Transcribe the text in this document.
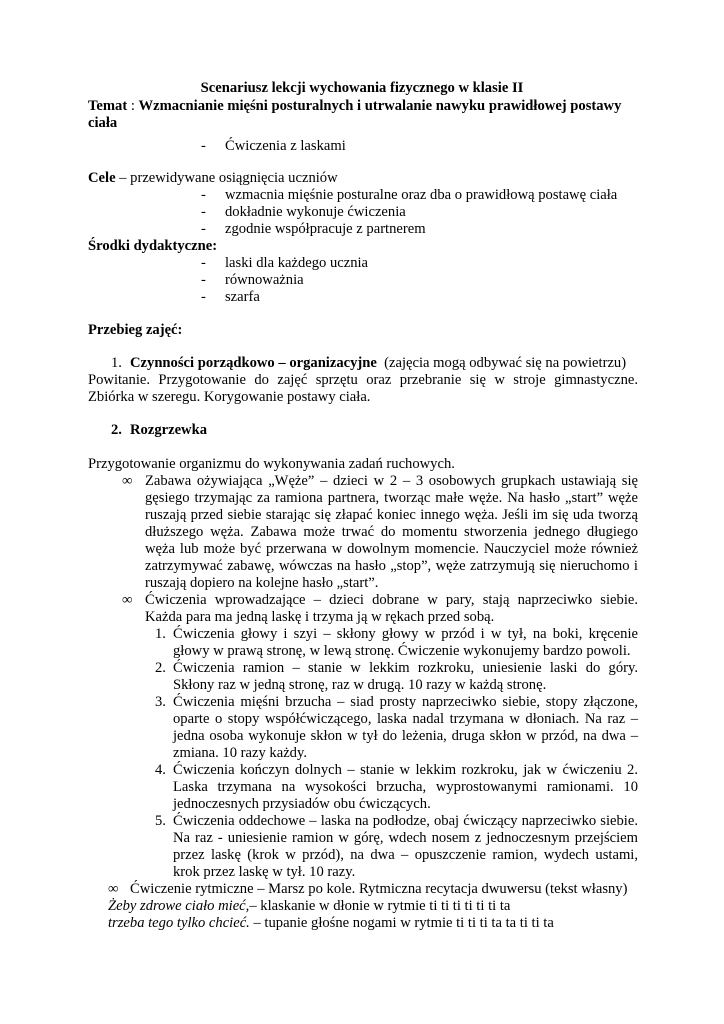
Scenariusz lekcji wychowania fizycznego w klasie II
Temat : Wzmacnianie mięśni posturalnych i utrwalanie nawyku prawidłowej postawy
ciała
- Ćwiczenia z laskami
Cele – przewidywane osiągnięcia uczniów
- wzmacnia mięśnie posturalne oraz dba o prawidłową postawę ciała
- dokładnie wykonuje ćwiczenia
- zgodnie współpracuje z partnerem
Środki dydaktyczne:
- laski dla każdego ucznia
- równoważnia
- szarfa
Przebieg zajęć:
1. Czynności porządkowo – organizacyjne (zajęcia mogą odbywać się na powietrzu)
Powitanie. Przygotowanie do zajęć sprzętu oraz przebranie się w stroje gimnastyczne.
Zbiórka w szeregu. Korygowanie postawy ciała.
2. Rozgrzewka
Przygotowanie organizmu do wykonywania zadań ruchowych.
∞ Zabawa ożywiająca „Węże” – dzieci w 2 – 3 osobowych grupkach ustawiają się
gęsiego trzymając za ramiona partnera, tworząc małe węże. Na hasło „start” węże
ruszają przed siebie starając się złapać koniec innego węża. Jeśli im się uda tworzą
dłuższego węża. Zabawa może trwać do momentu stworzenia jednego długiego
węża lub może być przerwana w dowolnym momencie. Nauczyciel może również
zatrzymywać zabawę, wówczas na hasło „stop”, węże zatrzymują się nieruchomo i
ruszają dopiero na kolejne hasło „start”.
∞ Ćwiczenia wprowadzające – dzieci dobrane w pary, stają naprzeciwko siebie.
Każda para ma jedną laskę i trzyma ją w rękach przed sobą.
1. Ćwiczenia głowy i szyi – skłony głowy w przód i w tył, na boki, kręcenie
głowy w prawą stronę, w lewą stronę. Ćwiczenie wykonujemy bardzo powoli.
2. Ćwiczenia ramion – stanie w lekkim rozkroku, uniesienie laski do góry.
Skłony raz w jedną stronę, raz w drugą. 10 razy w każdą stronę.
3. Ćwiczenia mięśni brzucha – siad prosty naprzeciwko siebie, stopy złączone,
oparte o stopy współćwiczącego, laska nadal trzymana w dłoniach. Na raz –
jedna osoba wykonuje skłon w tył do leżenia, druga skłon w przód, na dwa –
zmiana. 10 razy każdy.
4. Ćwiczenia kończyn dolnych – stanie w lekkim rozkroku, jak w ćwiczeniu 2.
Laska trzymana na wysokości brzucha, wyprostowanymi ramionami. 10
jednoczesnych przysiadów obu ćwiczących.
5. Ćwiczenia oddechowe – laska na podłodze, obaj ćwiczący naprzeciwko siebie.
Na raz - uniesienie ramion w górę, wdech nosem z jednoczesnym przejściem
przez laskę (krok w przód), na dwa – opuszczenie ramion, wydech ustami,
krok przez laskę w tył. 10 razy.
∞ Ćwiczenie rytmiczne – Marsz po kole. Rytmiczna recytacja dwuwersu (tekst własny)
Żeby zdrowe ciało mieć,– klaskanie w dłonie w rytmie ti ti ti ti ti ti ta
trzeba tego tylko chcieć. – tupanie głośne nogami w rytmie ti ti ti ta ta ti ti ta
